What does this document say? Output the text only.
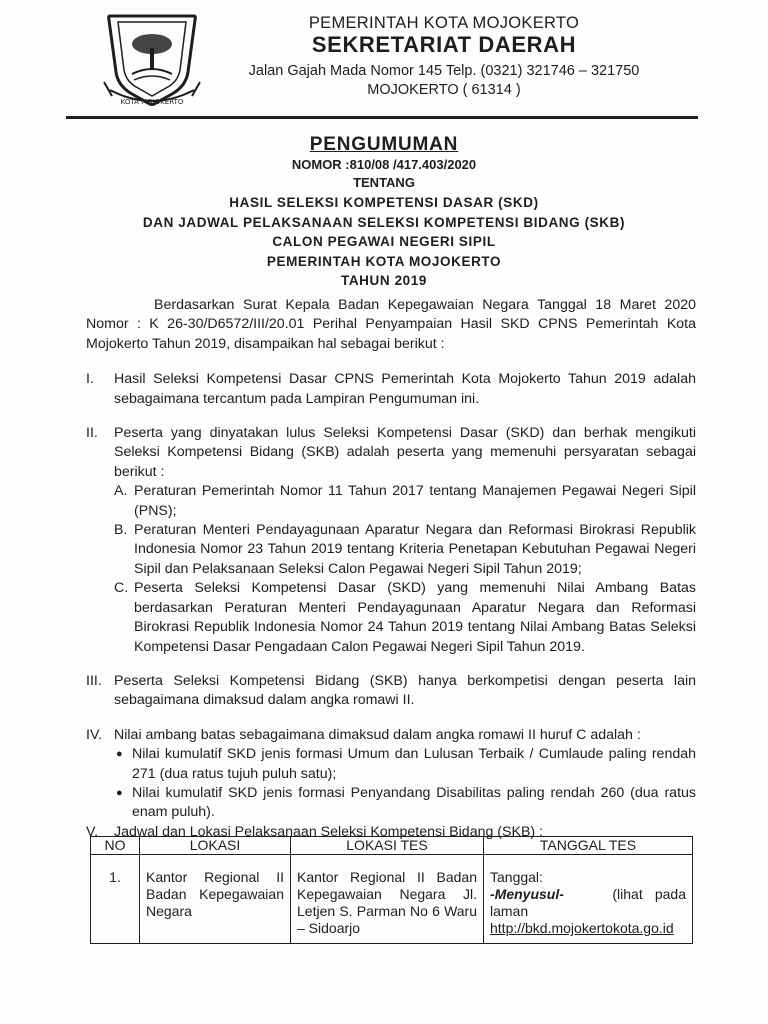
KOTA MOJOKERTO
PEMERINTAH KOTA MOJOKERTO
SEKRETARIAT DAERAH
Jalan Gajah Mada Nomor 145 Telp. (0321) 321746 – 321750
MOJOKERTO ( 61314 )
PENGUMUMAN
NOMOR :810/08 /417.403/2020
TENTANG
HASIL SELEKSI KOMPETENSI DASAR (SKD)
DAN JADWAL PELAKSANAAN SELEKSI KOMPETENSI BIDANG (SKB)
CALON PEGAWAI NEGERI SIPIL
PEMERINTAH KOTA MOJOKERTO
TAHUN 2019
Berdasarkan Surat Kepala Badan Kepegawaian Negara Tanggal 18 Maret 2020 Nomor : K 26-30/D6572/III/20.01 Perihal Penyampaian Hasil SKD CPNS Pemerintah Kota Mojokerto Tahun 2019, disampaikan hal sebagai berikut :
I. Hasil Seleksi Kompetensi Dasar CPNS Pemerintah Kota Mojokerto Tahun 2019 adalah sebagaimana tercantum pada Lampiran Pengumuman ini.
II. Peserta yang dinyatakan lulus Seleksi Kompetensi Dasar (SKD) dan berhak mengikuti Seleksi Kompetensi Bidang (SKB) adalah peserta yang memenuhi persyaratan sebagai berikut :
A. Peraturan Pemerintah Nomor 11 Tahun 2017 tentang Manajemen Pegawai Negeri Sipil (PNS);
B. Peraturan Menteri Pendayagunaan Aparatur Negara dan Reformasi Birokrasi Republik Indonesia Nomor 23 Tahun 2019 tentang Kriteria Penetapan Kebutuhan Pegawai Negeri Sipil dan Pelaksanaan Seleksi Calon Pegawai Negeri Sipil Tahun 2019;
C. Peserta Seleksi Kompetensi Dasar (SKD) yang memenuhi Nilai Ambang Batas berdasarkan Peraturan Menteri Pendayagunaan Aparatur Negara dan Reformasi Birokrasi Republik Indonesia Nomor 24 Tahun 2019 tentang Nilai Ambang Batas Seleksi Kompetensi Dasar Pengadaan Calon Pegawai Negeri Sipil Tahun 2019.
III. Peserta Seleksi Kompetensi Bidang (SKB) hanya berkompetisi dengan peserta lain sebagaimana dimaksud dalam angka romawi II.
IV. Nilai ambang batas sebagaimana dimaksud dalam angka romawi II huruf C adalah :
● Nilai kumulatif SKD jenis formasi Umum dan Lulusan Terbaik / Cumlaude paling rendah 271 (dua ratus tujuh puluh satu);
● Nilai kumulatif SKD jenis formasi Penyandang Disabilitas paling rendah 260 (dua ratus enam puluh).
V. Jadwal dan Lokasi Pelaksanaan Seleksi Kompetensi Bidang (SKB) :
NO	LOKASI	LOKASI TES	TANGGAL TES
1.	Kantor Regional II Badan Kepegawaian Negara	Kantor Regional II Badan Kepegawaian Negara Jl. Letjen S. Parman No 6 Waru – Sidoarjo	Tanggal:
-Menyusul- (lihat pada laman
http://bkd.mojokertokota.go.id
